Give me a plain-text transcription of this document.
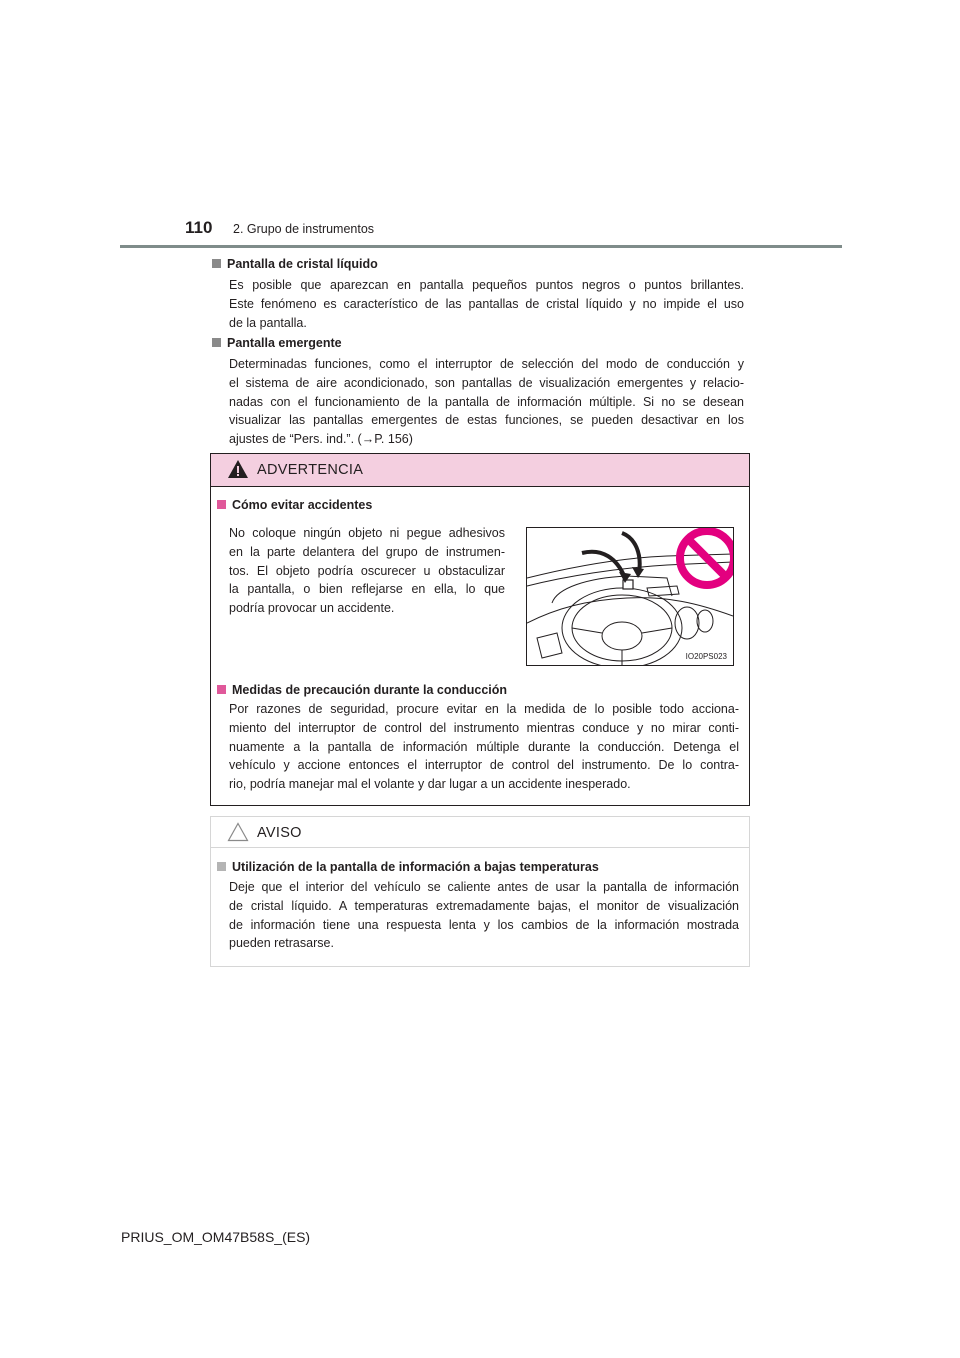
110 2. Grupo de instrumentos
Pantalla de cristal líquido
Es posible que aparezcan en pantalla pequeños puntos negros o puntos brillantes.
Este fenómeno es característico de las pantallas de cristal líquido y no impide el uso
de la pantalla.
Pantalla emergente
Determinadas funciones, como el interruptor de selección del modo de conducción y
el sistema de aire acondicionado, son pantallas de visualización emergentes y relacio-
nadas con el funcionamiento de la pantalla de información múltiple. Si no se desean
visualizar las pantallas emergentes de estas funciones, se pueden desactivar en los
ajustes de “Pers. ind.”. (→P. 156)
ADVERTENCIA
Cómo evitar accidentes
No coloque ningún objeto ni pegue adhesivos
en la parte delantera del grupo de instrumen-
tos. El objeto podría oscurecer u obstaculizar
la pantalla, o bien reflejarse en ella, lo que
podría provocar un accidente.
IO20PS023
Medidas de precaución durante la conducción
Por razones de seguridad, procure evitar en la medida de lo posible todo acciona-
miento del interruptor de control del instrumento mientras conduce y no mirar conti-
nuamente a la pantalla de información múltiple durante la conducción. Detenga el
vehículo y accione entonces el interruptor de control del instrumento. De lo contra-
rio, podría manejar mal el volante y dar lugar a un accidente inesperado.
AVISO
Utilización de la pantalla de información a bajas temperaturas
Deje que el interior del vehículo se caliente antes de usar la pantalla de información
de cristal líquido. A temperaturas extremadamente bajas, el monitor de visualización
de información tiene una respuesta lenta y los cambios de la información mostrada
pueden retrasarse.
PRIUS_OM_OM47B58S_(ES)
